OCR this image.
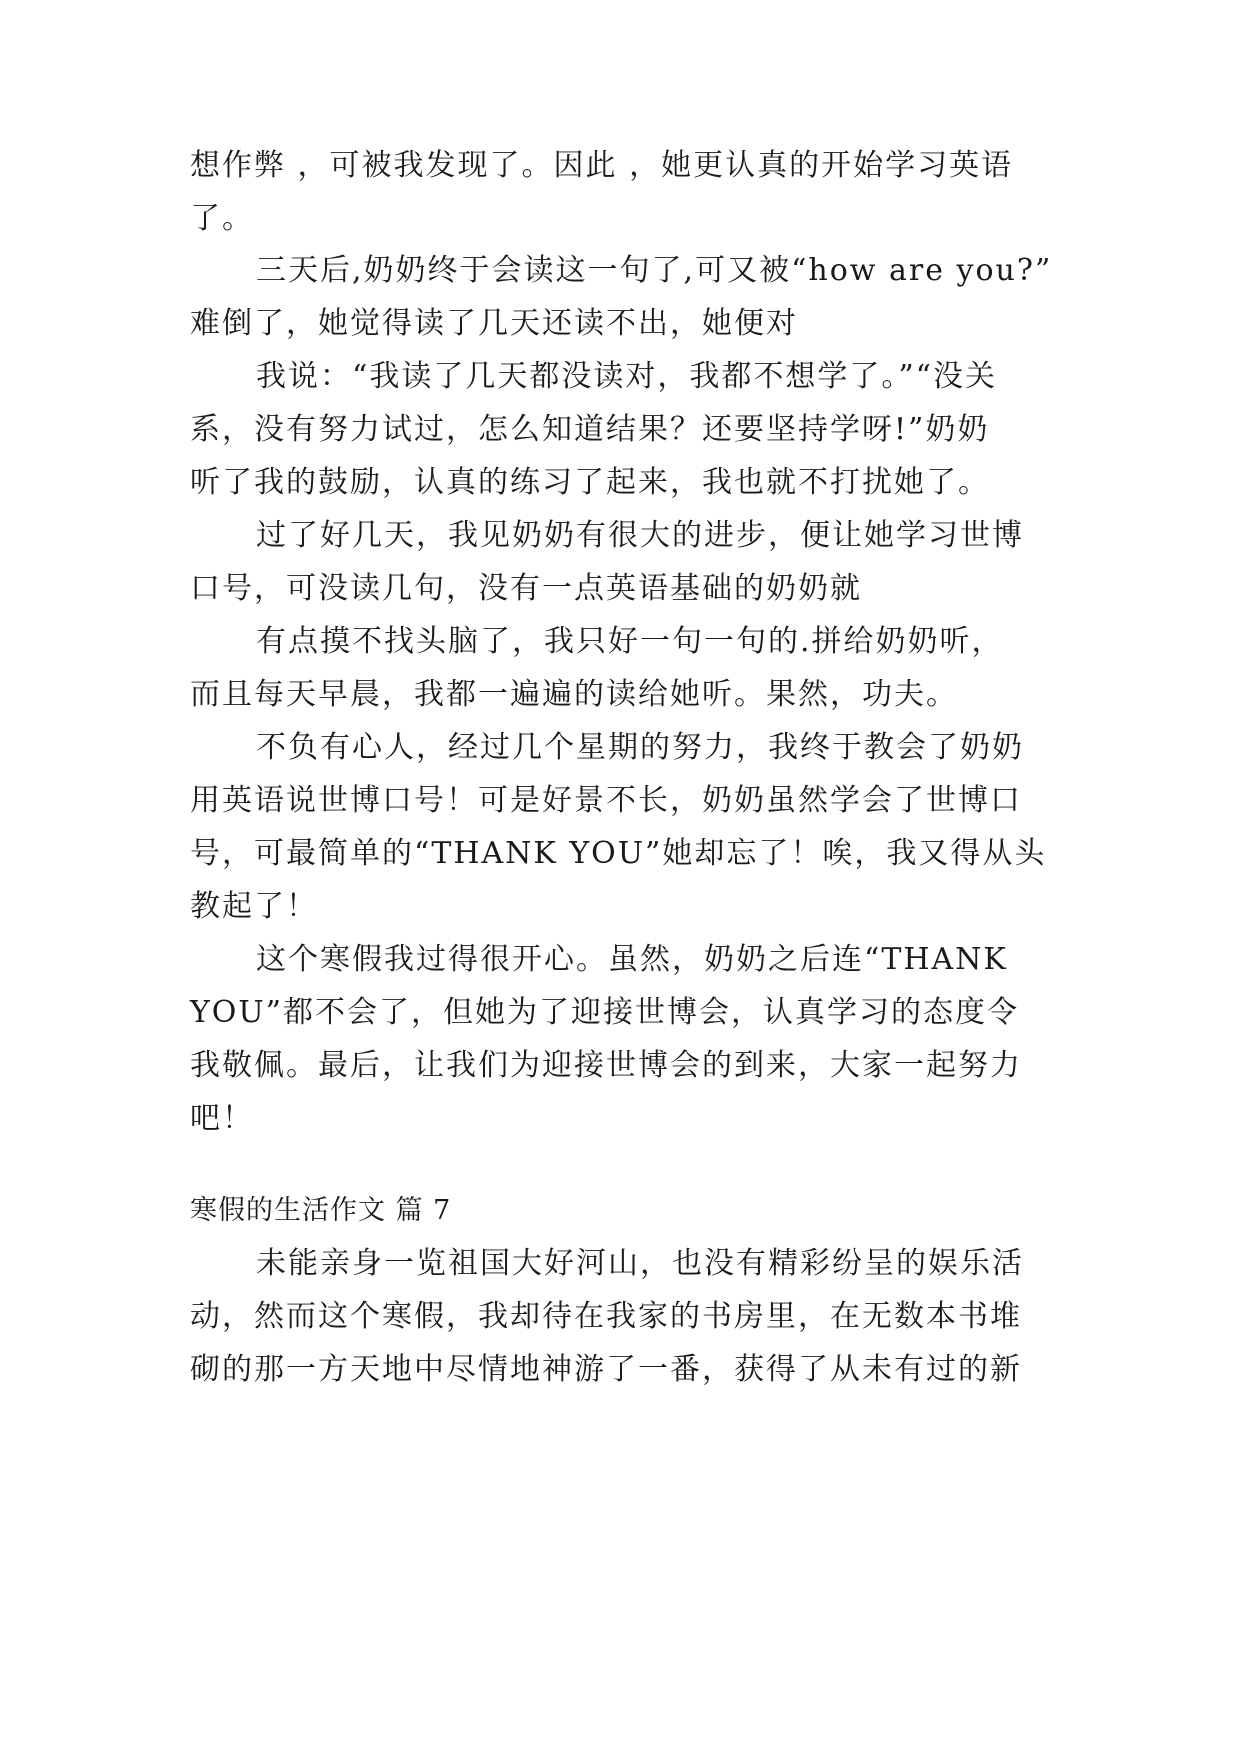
想作弊 ，可被我发现了。因此 ，她更认真的开始学习英语
了。
三天后,奶奶终于会读这一句了,可又被“how are you?”
难倒了，她觉得读了几天还读不出，她便对
我说：“我读了几天都没读对，我都不想学了。”“没关
系，没有努力试过，怎么知道结果？还要坚持学呀!”奶奶
听了我的鼓励，认真的练习了起来，我也就不打扰她了。
过了好几天，我见奶奶有很大的进步，便让她学习世博
口号，可没读几句，没有一点英语基础的奶奶就
有点摸不找头脑了，我只好一句一句的.拼给奶奶听，
而且每天早晨，我都一遍遍的读给她听。果然，功夫。
不负有心人，经过几个星期的努力，我终于教会了奶奶
用英语说世博口号！可是好景不长，奶奶虽然学会了世博口
号，可最简单的“THANK YOU”她却忘了！唉，我又得从头
教起了！
这个寒假我过得很开心。虽然，奶奶之后连“THANK
YOU”都不会了，但她为了迎接世博会，认真学习的态度令
我敬佩。最后，让我们为迎接世博会的到来，大家一起努力
吧！
寒假的生活作文 篇 7
未能亲身一览祖国大好河山，也没有精彩纷呈的娱乐活
动，然而这个寒假，我却待在我家的书房里，在无数本书堆
砌的那一方天地中尽情地神游了一番，获得了从未有过的新
